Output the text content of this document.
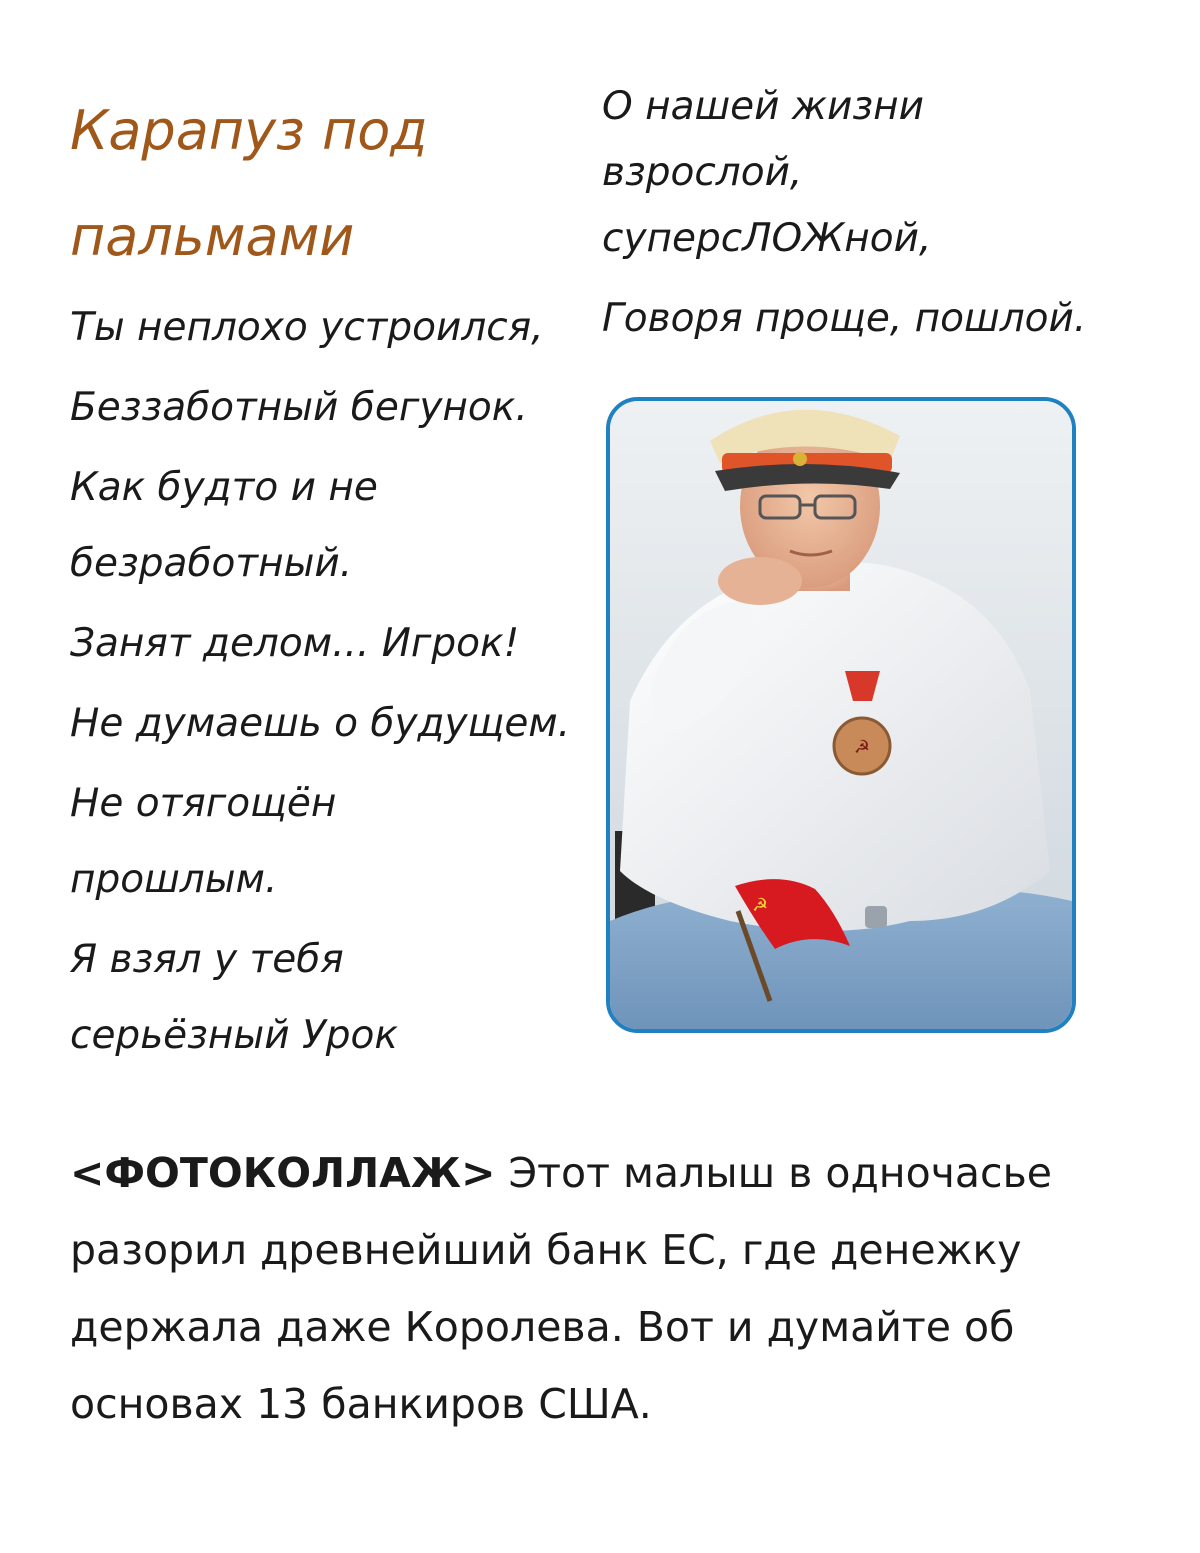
Карапуз под
пальмами

Ты неплохо устроился,

Беззаботный бегунок.

Как будто и не безработный.

Занят делом... Игрок!

Не думаешь о будущем.

Не отягощён прошлым.

Я взял у тебя серьёзный Урок

О нашей жизни

взрослой,

суперсЛОЖной,

Говоря проще, пошлой.

☭
☭

<ФОТОКОЛЛАЖ> Этот малыш в одночасье разорил древнейший банк ЕС, где денежку держала даже Королева. Вот и думайте об основах 13 банкиров США.
